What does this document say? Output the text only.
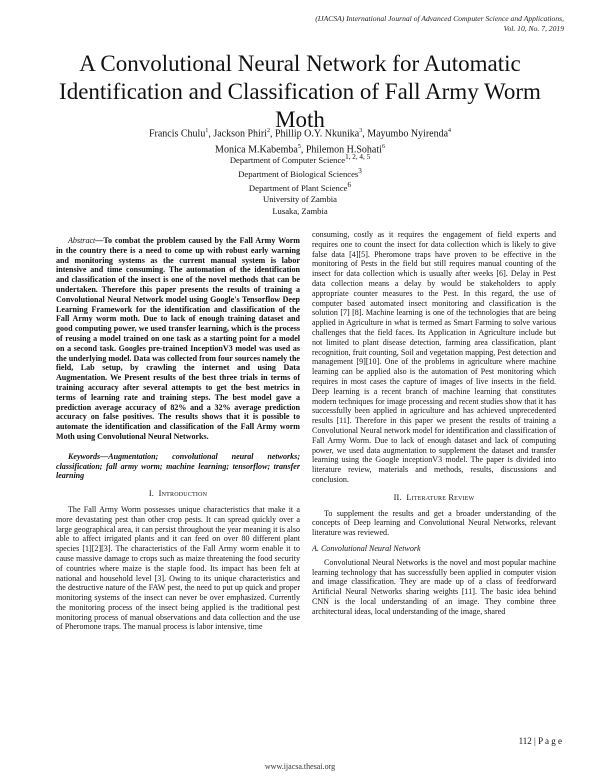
(IJACSA) International Journal of Advanced Computer Science and Applications,
Vol. 10, No. 7, 2019
A Convolutional Neural Network for Automatic
Identification and Classification of Fall Army Worm Moth
Francis Chulu$^1$, Jackson Phiri$^2$, Phillip O.Y. Nkunika$^3$, Mayumbo Nyirenda$^4$
Monica M.Kabemba$^5$, Philemon H.Sohati$^6$
Department of Computer Science$^{1, 2, 4, 5}$
Department of Biological Sciences$^3$
Department of Plant Science$^6$
University of Zambia
Lusaka, Zambia

Abstract—To combat the problem caused by the Fall Army Worm in the country there is a need to come up with robust early warning and monitoring systems as the current manual system is labor intensive and time consuming. The automation of the identification and classification of the insect is one of the novel methods that can be undertaken. Therefore this paper presents the results of training a Convolutional Neural Network model using Google's Tensorflow Deep Learning Framework for the identification and classification of the Fall Army worm moth. Due to lack of enough training dataset and good computing power, we used transfer learning, which is the process of reusing a model trained on one task as a starting point for a model on a second task. Googles pre-trained InceptionV3 model was used as the underlying model. Data was collected from four sources namely the field, Lab setup, by crawling the internet and using Data Augmentation. We Present results of the best three trials in terms of training accuracy after several attempts to get the best metrics in terms of learning rate and training steps. The best model gave a prediction average accuracy of 82% and a 32% average prediction accuracy on false positives. The results shows that it is possible to automate the identification and classification of the Fall Army worm Moth using Convolutional Neural Networks.

Keywords—Augmentation; convolutional neural networks; classification; fall army worm; machine learning; tensorflow; transfer learning

I. Introduction

The Fall Army Worm possesses unique characteristics that make it a more devastating pest than other crop pests. It can spread quickly over a large geographical area, it can persist throughout the year meaning it is also able to affect irrigated plants and it can feed on over 80 different plant species [1][2][3]. The characteristics of the Fall Army worm enable it to cause massive damage to crops such as maize threatening the food security of countries where maize is the staple food. Its impact has been felt at national and household level [3]. Owing to its unique characteristics and the destructive nature of the FAW pest, the need to put up quick and proper monitoring systems of the insect can never be over emphasized. Currently the monitoring process of the insect being applied is the traditional pest monitoring process of manual observations and data collection and the use of Pheromone traps. The manual process is labor intensive, time

consuming, costly as it requires the engagement of field experts and requires one to count the insect for data collection which is likely to give false data [4][5]. Pheromone traps have proven to be effective in the monitoring of Pests in the field but still requires manual counting of the insect for data collection which is usually after weeks [6]. Delay in Pest data collection means a delay by would be stakeholders to apply appropriate counter measures to the Pest. In this regard, the use of computer based automated insect monitoring and classification is the solution [7] [8]. Machine learning is one of the technologies that are being applied in Agriculture in what is termed as Smart Farming to solve various challenges that the field faces. Its Application in Agriculture include but not limited to plant disease detection, farming area classification, plant recognition, fruit counting, Soil and vegetation mapping, Pest detection and management [9][10]. One of the problems in agriculture where machine learning can be applied also is the automation of Pest monitoring which requires in most cases the capture of images of live insects in the field. Deep learning is a recent branch of machine learning that constitutes modern techniques for image processing and recent studies show that it has successfully been applied in agriculture and has achieved unprecedented results [11]. Therefore in this paper we present the results of training a Convolutional Neural network model for identification and classification of Fall Army Worm. Due to lack of enough dataset and lack of computing power, we used data augmentation to supplement the dataset and transfer learning using the Google inceptionV3 model. The paper is divided into literature review, materials and methods, results, discussions and conclusion.

II. Literature Review

To supplement the results and get a broader understanding of the concepts of Deep learning and Convolutional Neural Networks, relevant literature was reviewed.

A. Convolutional Neural Network

Convolutional Neural Networks is the novel and most popular machine learning technology that has successfully been applied in computer vision and image classification. They are made up of a class of feedforward Artificial Neural Networks sharing weights [11]. The basic idea behind CNN is the local understanding of an image. They combine three architectural ideas, local understanding of the image, shared

112 | P a g e
www.ijacsa.thesai.org
